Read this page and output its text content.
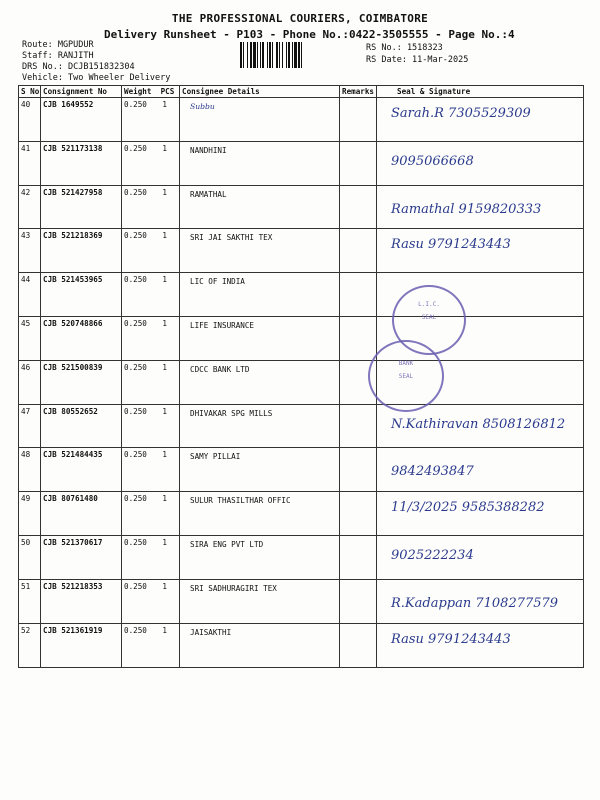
THE PROFESSIONAL COURIERS, COIMBATORE
Delivery Runsheet - P103 - Phone No.:0422-3505555 - Page No.:4
Route: MGPUDUR
Staff: RANJITH
DRS No.: DCJB151832304
Vehicle: Two Wheeler Delivery
RS No.: 1518323
RS Date: 11-Mar-2025
S No	Consignment No	Weight PCS	Consignee Details	Remarks	Seal & Signature
40	CJB 1649552	0.250 1	Subbu		Sarah.R 7305529309

41	CJB 521173138	0.250 1	NANDHINI		9095066668

42	CJB 521427958	0.250 1	RAMATHAL		Ramathal 9159820333

43	CJB 521218369	0.250 1	SRI JAI SAKTHI TEX		Rasu 9791243443

44	CJB 521453965	0.250 1	LIC OF INDIA		

45	CJB 520748866	0.250 1	LIFE INSURANCE		

46	CJB 521500839	0.250 1	CDCC BANK LTD		

47	CJB 80552652	0.250 1	DHIVAKAR SPG MILLS		N.Kathiravan 8508126812

48	CJB 521484435	0.250 1	SAMY PILLAI		9842493847

49	CJB 80761480	0.250 1	SULUR THASILTHAR OFFIC		11/3/2025 9585388282

50	CJB 521370617	0.250 1	SIRA ENG PVT LTD		9025222234

51	CJB 521218353	0.250 1	SRI SADHURAGIRI TEX		R.Kadappan 7108277579

52	CJB 521361919	0.250 1	JAISAKTHI		Rasu 9791243443
L.I.C.
SEAL
BANK
SEAL
